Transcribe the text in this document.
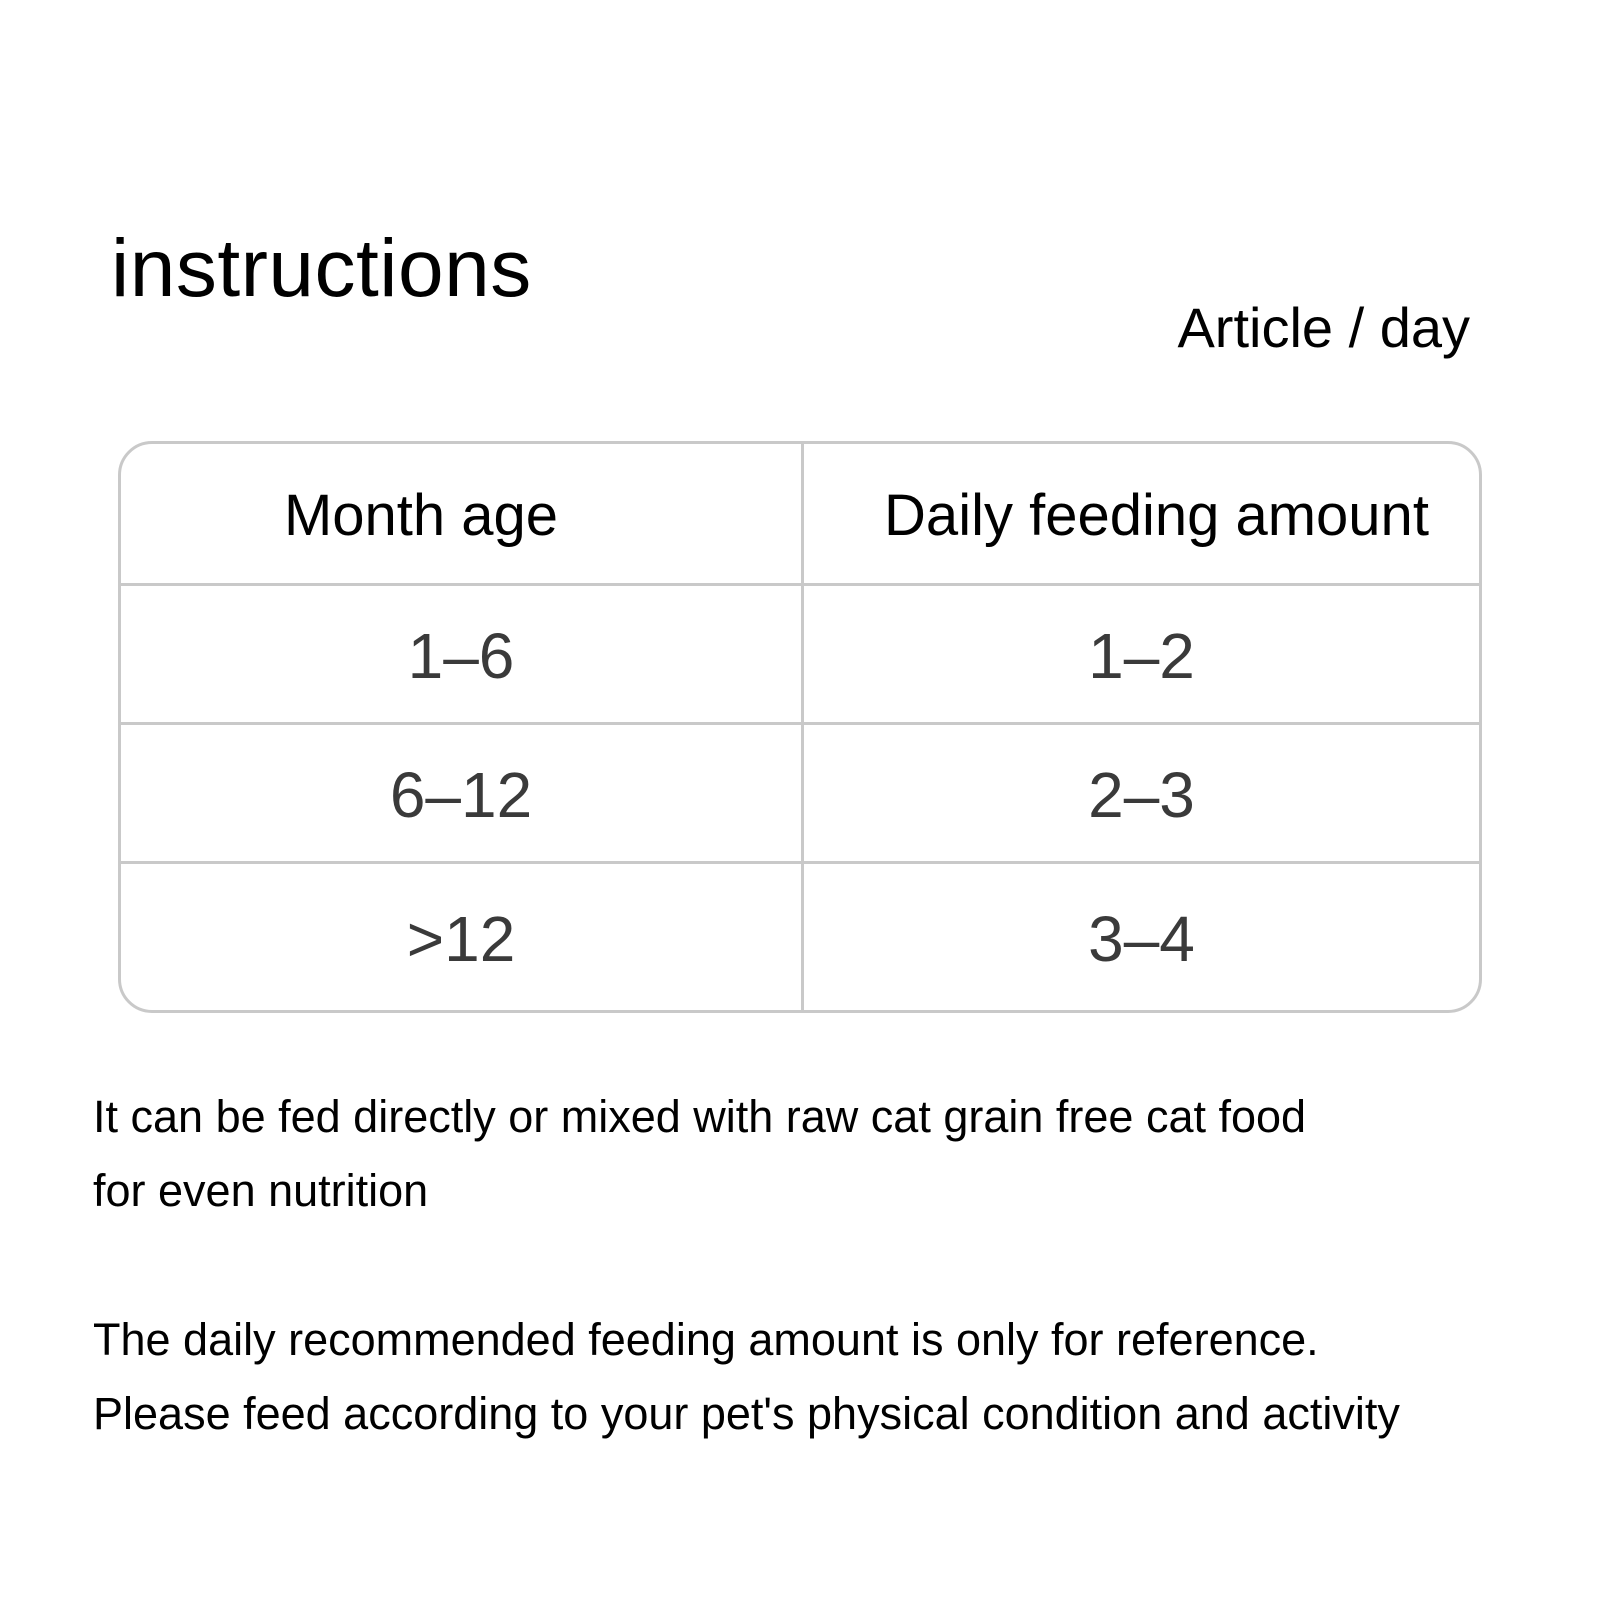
instructions
Article / day
Month age	Daily feeding amount
1–6	1–2
6–12	2–3
>12	3–4
It can be fed directly or mixed with raw cat grain free cat food
for even nutrition
The daily recommended feeding amount is only for reference.
Please feed according to your pet's physical condition and activity
